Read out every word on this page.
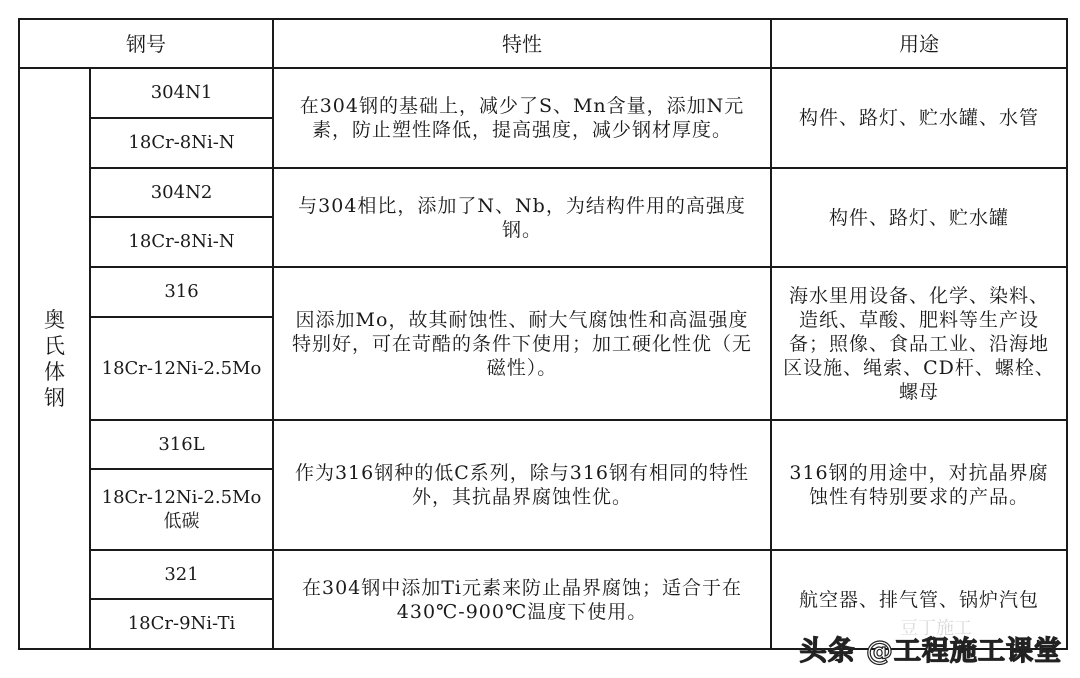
钢号		特性	用途

奥
氏
体
钢	304N1	在304钢的基础上，减少了S、Mn含量，添加N元素，防止塑性降低，提高强度，减少钢材厚度。	构件、路灯、贮水罐、水管
	18Cr-8Ni-N		
	304N2	与304相比，添加了N、Nb，为结构件用的高强度钢。	构件、路灯、贮水罐
	18Cr-8Ni-N		
	316	因添加Mo，故其耐蚀性、耐大气腐蚀性和高温强度特别好，可在苛酷的条件下使用；加工硬化性优（无磁性）。	海水里用设备、化学、染料、造纸、草酸、肥料等生产设备；照像、食品工业、沿海地区设施、绳索、CD杆、螺栓、螺母
	18Cr-12Ni-2.5Mo		
	316L	作为316钢种的低C系列，除与316钢有相同的特性外，其抗晶界腐蚀性优。	316钢的用途中，对抗晶界腐蚀性有特别要求的产品。
	18Cr-12Ni-2.5Mo 低碳		
	321	在304钢中添加Ti元素来防止晶界腐蚀；适合于在430℃-900℃温度下使用。	航空器、排气管、锅炉汽包
	18Cr-9Ni-Ti			豆丁施工
头条 @工程施工课堂
